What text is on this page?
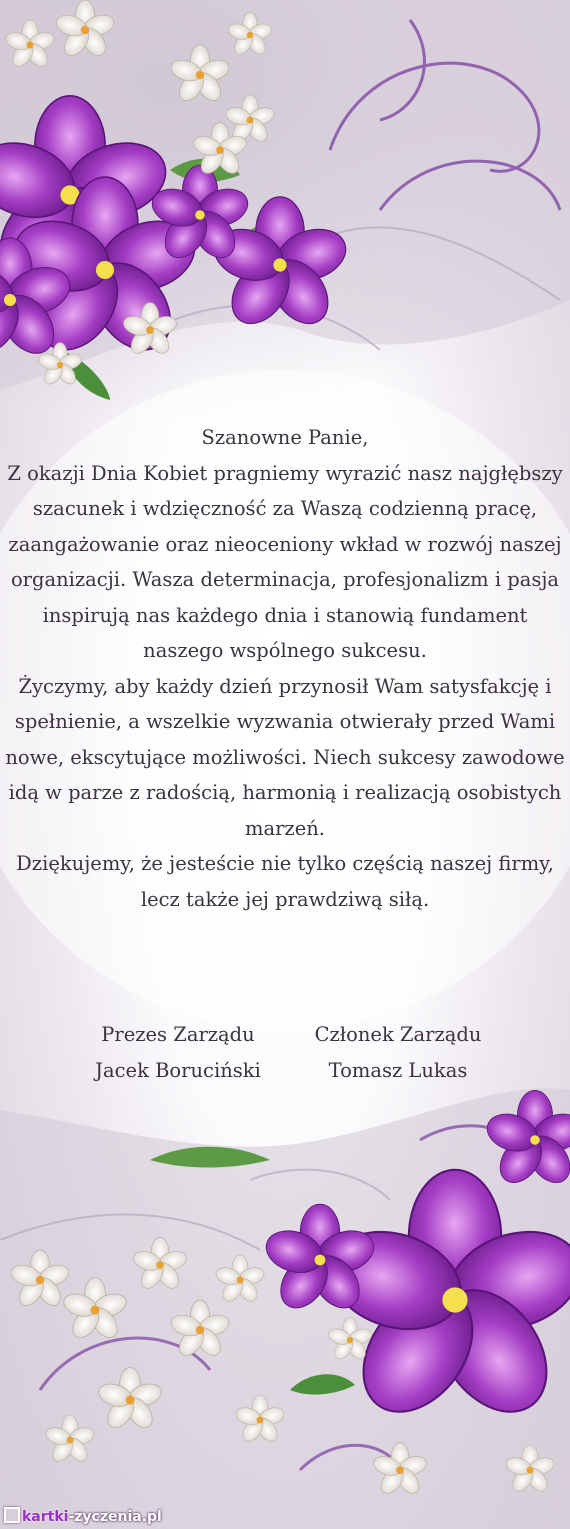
Szanowne Panie,

Z okazji Dnia Kobiet pragniemy wyrazić nasz najgłębszy szacunek i wdzięczność za Waszą codzienną pracę, zaangażowanie oraz nieoceniony wkład w rozwój naszej organizacji. Wasza determinacja, profesjonalizm i pasja inspirują nas każdego dnia i stanowią fundament naszego wspólnego sukcesu.

Życzymy, aby każdy dzień przynosił Wam satysfakcję i spełnienie, a wszelkie wyzwania otwierały przed Wami nowe, ekscytujące możliwości. Niech sukcesy zawodowe idą w parze z radością, harmonią i realizacją osobistych marzeń.

Dziękujemy, że jesteście nie tylko częścią naszej firmy, lecz także jej prawdziwą siłą.

Prezes Zarządu
Jacek Boruciński
Członek Zarządu
Tomasz Lukas
kartki-zyczenia.pl
